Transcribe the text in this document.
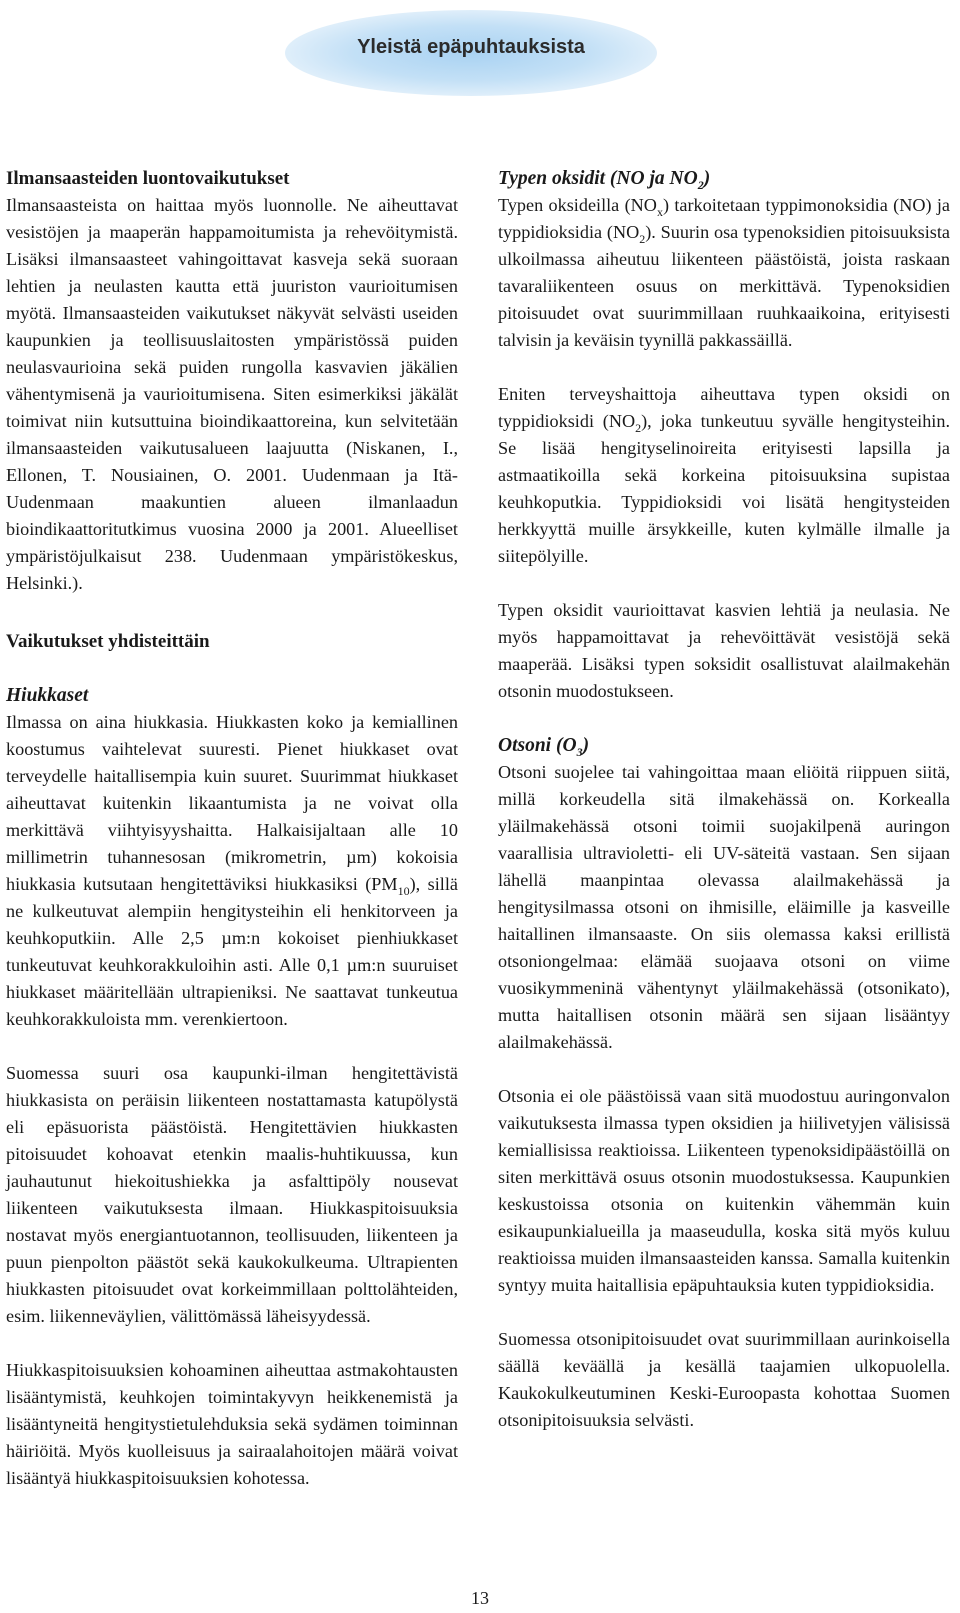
Yleistä epäpuhtauksista
Ilmansaasteiden luontovaikutukset

Ilmansaasteista on haittaa myös luonnolle. Ne aiheuttavat vesistöjen ja maaperän happamoitumista ja rehevöitymistä. Lisäksi ilmansaasteet vahingoittavat kasveja sekä suoraan lehtien ja neulasten kautta että juuriston vaurioitumisen myötä. Ilmansaasteiden vaikutukset näkyvät selvästi useiden kaupunkien ja teollisuuslaitosten ympäristössä puiden neulasvaurioina sekä puiden rungolla kasvavien jäkälien vähentymisenä ja vaurioitumisena. Siten esimerkiksi jäkälät toimivat niin kutsuttuina bioindikaattoreina, kun selvitetään ilmansaasteiden vaikutusalueen laajuutta (Niskanen, I., Ellonen, T. Nousiainen, O. 2001. Uudenmaan ja Itä-Uudenmaan maakuntien alueen ilmanlaadun bioindikaattoritutkimus vuosina 2000 ja 2001. Alueelliset ympäristöjulkaisut 238. Uudenmaan ympäristökeskus, Helsinki.).

Vaikutukset yhdisteittäin
Hiukkaset

Ilmassa on aina hiukkasia. Hiukkasten koko ja kemiallinen koostumus vaihtelevat suuresti. Pienet hiukkaset ovat terveydelle haitallisempia kuin suuret. Suurimmat hiukkaset aiheuttavat kuitenkin likaantumista ja ne voivat olla merkittävä viihtyisyyshaitta. Halkaisijaltaan alle 10 millimetrin tuhannesosan (mikrometrin, µm) kokoisia hiukkasia kutsutaan hengitettäviksi hiukkasiksi $(PM_{10})$, sillä ne kulkeutuvat alempiin hengitysteihin eli henkitorveen ja keuhkoputkiin. Alle 2,5 µm:n kokoiset pienhiukkaset tunkeutuvat keuhkorakkuloihin asti. Alle 0,1 µm:n suuruiset hiukkaset määritellään ultrapieniksi. Ne saattavat tunkeutua keuhkorakkuloista mm. verenkiertoon.

Suomessa suuri osa kaupunki-ilman hengitettävistä hiukkasista on peräisin liikenteen nostattamasta katupölystä eli epäsuorista päästöistä. Hengitettävien hiukkasten pitoisuudet kohoavat etenkin maalis-huhtikuussa, kun jauhautunut hiekoitushiekka ja asfalttipöly nousevat liikenteen vaikutuksesta ilmaan. Hiukkaspitoisuuksia nostavat myös energiantuotannon, teollisuuden, liikenteen ja puun pienpolton päästöt sekä kaukokulkeuma. Ultrapienten hiukkasten pitoisuudet ovat korkeimmillaan polttolähteiden, esim. liikenneväylien, välittömässä läheisyydessä.

Hiukkaspitoisuuksien kohoaminen aiheuttaa astmakohtausten lisääntymistä, keuhkojen toimintakyvyn heikkenemistä ja lisääntyneitä hengitystietulehduksia sekä sydämen toiminnan häiriöitä. Myös kuolleisuus ja sairaalahoitojen määrä voivat lisääntyä hiukkaspitoisuuksien kohotessa.

Typen oksidit (NO ja $NO_2$)

Typen oksideilla $(NO_x)$ tarkoitetaan typpimonoksidia (NO) ja typpidioksidia $(NO_2)$. Suurin osa typenoksidien pitoisuuksista ulkoilmassa aiheutuu liikenteen päästöistä, joista raskaan tavaraliikenteen osuus on merkittävä. Typenoksidien pitoisuudet ovat suurimmillaan ruuhkaaikoina, erityisesti talvisin ja keväisin tyynillä pakkassäillä.

Eniten terveyshaittoja aiheuttava typen oksidi on typpidioksidi $(NO_2)$, joka tunkeutuu syvälle hengitysteihin. Se lisää hengityselinoireita erityisesti lapsilla ja astmaatikoilla sekä korkeina pitoisuuksina supistaa keuhkoputkia. Typpidioksidi voi lisätä hengitysteiden herkkyyttä muille ärsykkeille, kuten kylmälle ilmalle ja siitepölyille.

Typen oksidit vaurioittavat kasvien lehtiä ja neulasia. Ne myös happamoittavat ja rehevöittävät vesistöjä sekä maaperää. Lisäksi typen soksidit osallistuvat alailmakehän otsonin muodostukseen.

Otsoni $(O_3)$

Otsoni suojelee tai vahingoittaa maan eliöitä riippuen siitä, millä korkeudella sitä ilmakehässä on. Korkealla yläilmakehässä otsoni toimii suojakilpenä auringon vaarallisia ultravioletti- eli UV-säteitä vastaan. Sen sijaan lähellä maanpintaa olevassa alailmakehässä ja hengitysilmassa otsoni on ihmisille, eläimille ja kasveille haitallinen ilmansaaste. On siis olemassa kaksi erillistä otsoniongelmaa: elämää suojaava otsoni on viime vuosikymmeninä vähentynyt yläilmakehässä (otsonikato), mutta haitallisen otsonin määrä sen sijaan lisääntyy alailmakehässä.

Otsonia ei ole päästöissä vaan sitä muodostuu auringonvalon vaikutuksesta ilmassa typen oksidien ja hiilivetyjen välisissä kemiallisissa reaktioissa. Liikenteen typenoksidipäästöillä on siten merkittävä osuus otsonin muodostuksessa. Kaupunkien keskustoissa otsonia on kuitenkin vähemmän kuin esikaupunkialueilla ja maaseudulla, koska sitä myös kuluu reaktioissa muiden ilmansaasteiden kanssa. Samalla kuitenkin syntyy muita haitallisia epäpuhtauksia kuten typpidioksidia.

Suomessa otsonipitoisuudet ovat suurimmillaan aurinkoisella säällä keväällä ja kesällä taajamien ulkopuolella. Kaukokulkeutuminen Keski-Euroopasta kohottaa Suomen otsonipitoisuuksia selvästi.

13
